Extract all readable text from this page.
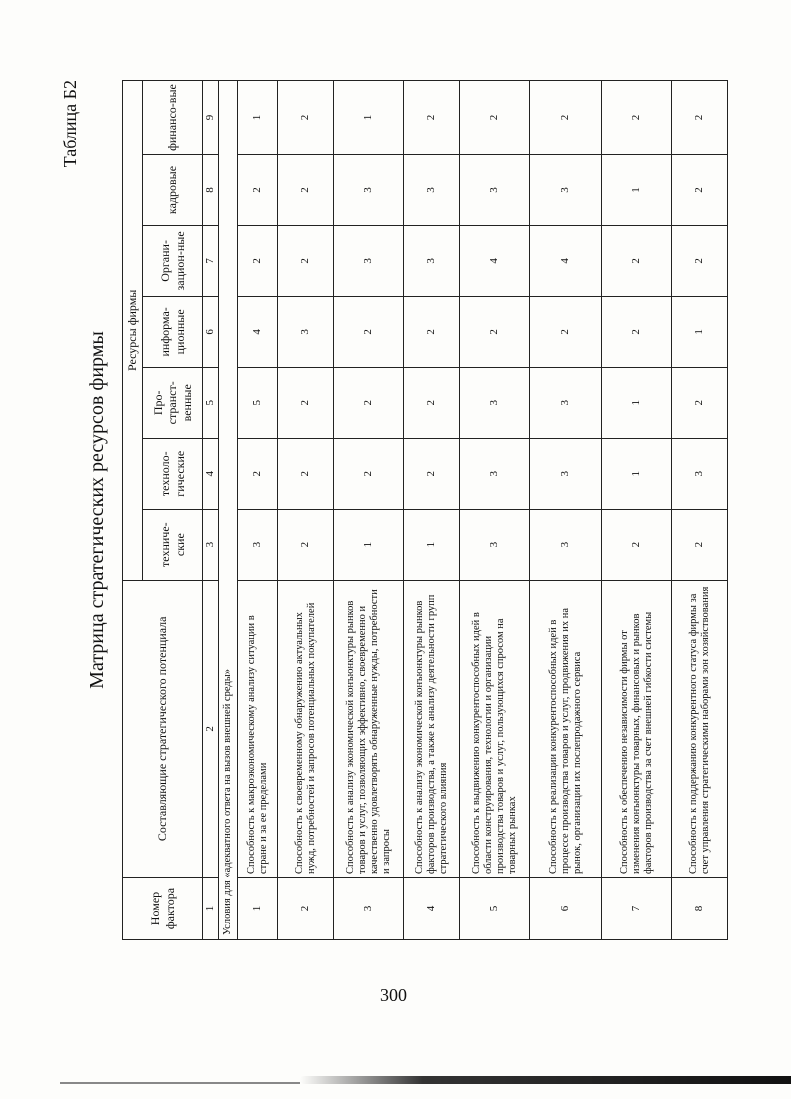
Таблица Б2
Матрица стратегических ресурсов фирмы
Номер фактора	Составляющие стратегического потенциала	Ресурсы фирмы						
		техниче-ские	техноло-гические	Про-странст-венные	информа-ционные	Органи-зацион-ные	кадровые	финансо-вые
1	2	3	4	5	6	7	8	9
Условия для «адекватного ответа на вызов внешней среды»								
1	Способность к макроэкономическому анализу ситуации в стране и за ее пределами	3	2	5	4	2	2	1
2	Способность к своевременному обнаружению актуальных нужд, потребностей и запросов потенциальных покупателей	2	2	2	3	2	2	2
3	Способность к анализу экономической конъюнктуры рынков товаров и услуг, позволяющих эффективно, своевременно и качественно удовлетворять обнаруженные нужды, потребности и запросы	1	2	2	2	3	3	1
4	Способность к анализу экономической конъюнктуры рынков факторов производства, а также к анализу деятельности групп стратегического влияния	1	2	2	2	3	3	2
5	Способность к выдвижению конкурентоспособных идей в области конструирования, технологии и организации производства товаров и услуг, пользующихся спросом на товарных рынках	3	3	3	2	4	3	2
6	Способность к реализации конкурентоспособных идей в процессе производства товаров и услуг, продвижения их на рынок, организации их послепродажного сервиса	3	3	3	2	4	3	2
7	Способность к обеспечению независимости фирмы от изменения конъюнктуры товарных, финансовых и рынков факторов производства за счет внешней гибкости системы	2	1	1	2	2	1	2
8	Способность к поддержанию конкурентного статуса фирмы за счет управления стратегическими наборами зон хозяйствования	2	3	2	1	2	2	2
300
